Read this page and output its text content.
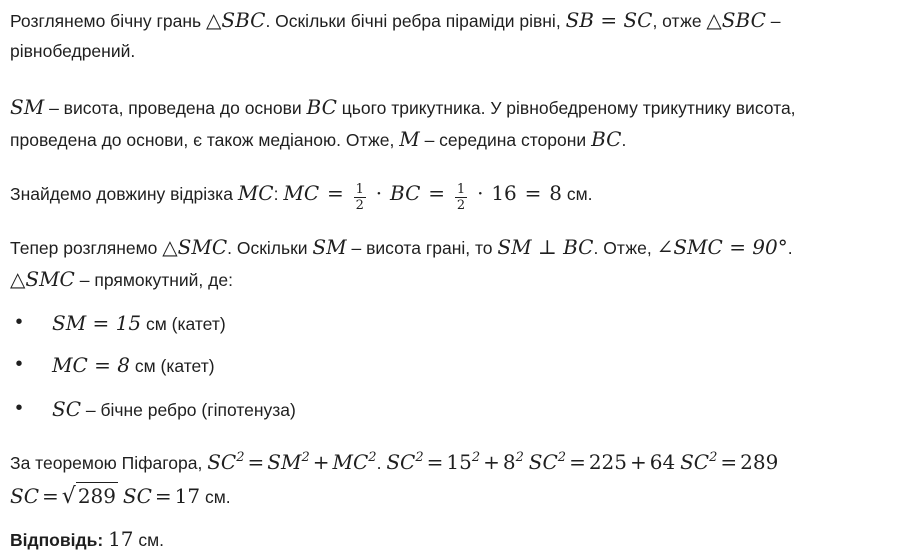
Розглянемо бічну грань △SBC. Оскільки бічні ребра піраміди рівні, SB = SC, отже △SBC –
рівнобедрений.
SM – висота, проведена до основи BC цього трикутника. У рівнобедреному трикутнику висота,
проведена до основи, є також медіаною. Отже, M – середина сторони BC.
Знайдемо довжину відрізка MC: MC = $\frac{1}{2}$ · BC = $\frac{1}{2} \cdot 16 = 8$ см.
Тепер розглянемо △SMC. Оскільки SM – висота грані, то SM ⊥ BC. Отже, ∠SMC = 90°.
△SMC – прямокутний, де:
• SM = 15 см (катет)
• MC = 8 см (катет)
• SC – бічне ребро (гіпотенуза)
За теоремою Піфагора, $SC^2 = SM^2 + MC^2$. $SC^2 = 15^2 + 8^2$ $SC^2 = 225 + 64$ $SC^2 = 289$
SC = √ 289 SC = 17 см.
Відповідь: 17 см.
